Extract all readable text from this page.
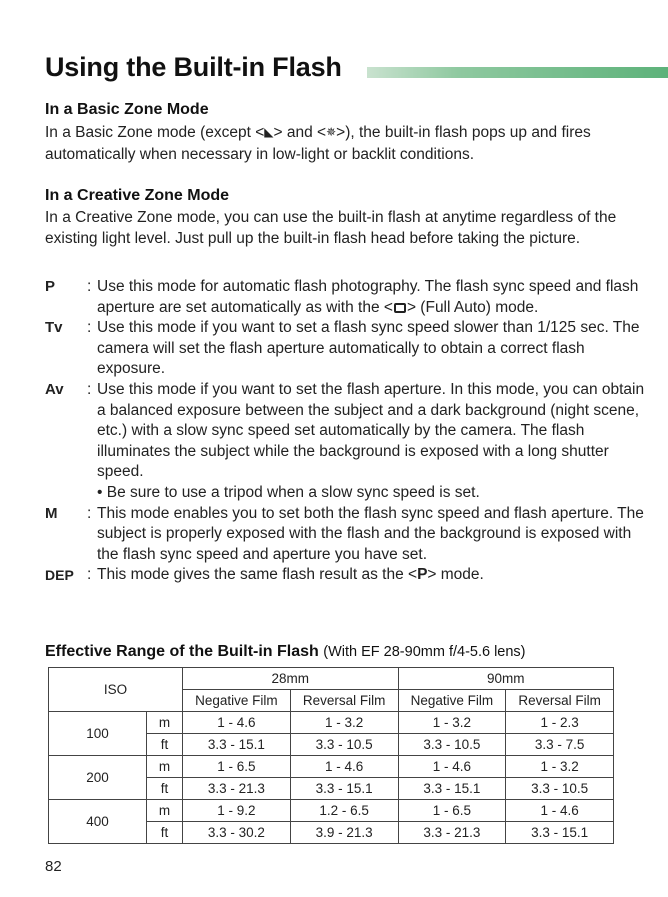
Using the Built-in Flash
In a Basic Zone Mode
In a Basic Zone mode (except <◣> and <✵>), the built-in flash pops up and fires automatically when necessary in low-light or backlit conditions.
In a Creative Zone Mode
In a Creative Zone mode, you can use the built-in flash at anytime regardless of the existing light level. Just pull up the built-in flash head before taking the picture.
P	: Use this mode for automatic flash photography. The flash sync speed and flash aperture are set automatically as with the < > (Full Auto) mode.
Tv	: Use this mode if you want to set a flash sync speed slower than 1/125 sec. The camera will set the flash aperture automatically to obtain a correct flash exposure.
Av	: Use this mode if you want to set the flash aperture. In this mode, you can obtain a balanced exposure between the subject and a dark background (night scene, etc.) with a slow sync speed set automatically by the camera. The flash illuminates the subject while the background is exposed with a long shutter speed.
• Be sure to use a tripod when a slow sync speed is set.
M	: This mode enables you to set both the flash sync speed and flash aperture. The subject is properly exposed with the flash and the background is exposed with the flash sync speed and aperture you have set.
DEP : This mode gives the same flash result as the <P> mode.
Effective Range of the Built-in Flash (With EF 28-90mm f/4-5.6 lens)
ISO		28mm		90mm	
		Negative Film	Reversal Film	Negative Film	Reversal Film
100	m	1 - 4.6	1 - 3.2	1 - 3.2	1 - 2.3
	ft	3.3 - 15.1	3.3 - 10.5	3.3 - 10.5	3.3 - 7.5
200	m	1 - 6.5	1 - 4.6	1 - 4.6	1 - 3.2
	ft	3.3 - 21.3	3.3 - 15.1	3.3 - 15.1	3.3 - 10.5
400	m	1 - 9.2	1.2 - 6.5	1 - 6.5	1 - 4.6
	ft	3.3 - 30.2	3.9 - 21.3	3.3 - 21.3	3.3 - 15.1
82
